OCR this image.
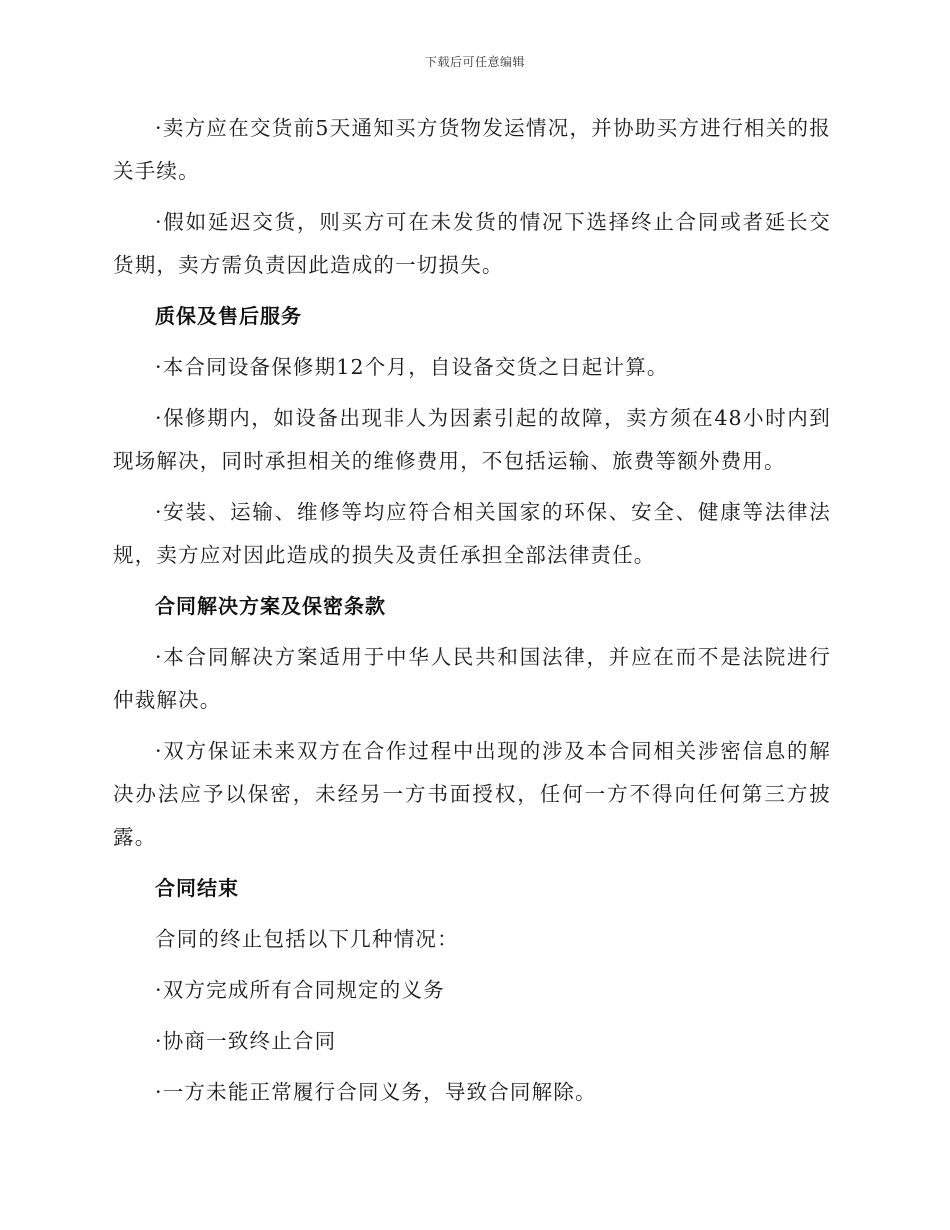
下载后可任意编辑

·卖方应在交货前5天通知买方货物发运情况，并协助买方进行相关的报关手续。

·假如延迟交货，则买方可在未发货的情况下选择终止合同或者延长交货期，卖方需负责因此造成的一切损失。

质保及售后服务

·本合同设备保修期12个月，自设备交货之日起计算。

·保修期内，如设备出现非人为因素引起的故障，卖方须在48小时内到现场解决，同时承担相关的维修费用，不包括运输、旅费等额外费用。

·安装、运输、维修等均应符合相关国家的环保、安全、健康等法律法规，卖方应对因此造成的损失及责任承担全部法律责任。

合同解决方案及保密条款

·本合同解决方案适用于中华人民共和国法律，并应在而不是法院进行仲裁解决。

·双方保证未来双方在合作过程中出现的涉及本合同相关涉密信息的解决办法应予以保密，未经另一方书面授权，任何一方不得向任何第三方披露。

合同结束

合同的终止包括以下几种情况：

·双方完成所有合同规定的义务

·协商一致终止合同

·一方未能正常履行合同义务，导致合同解除。
